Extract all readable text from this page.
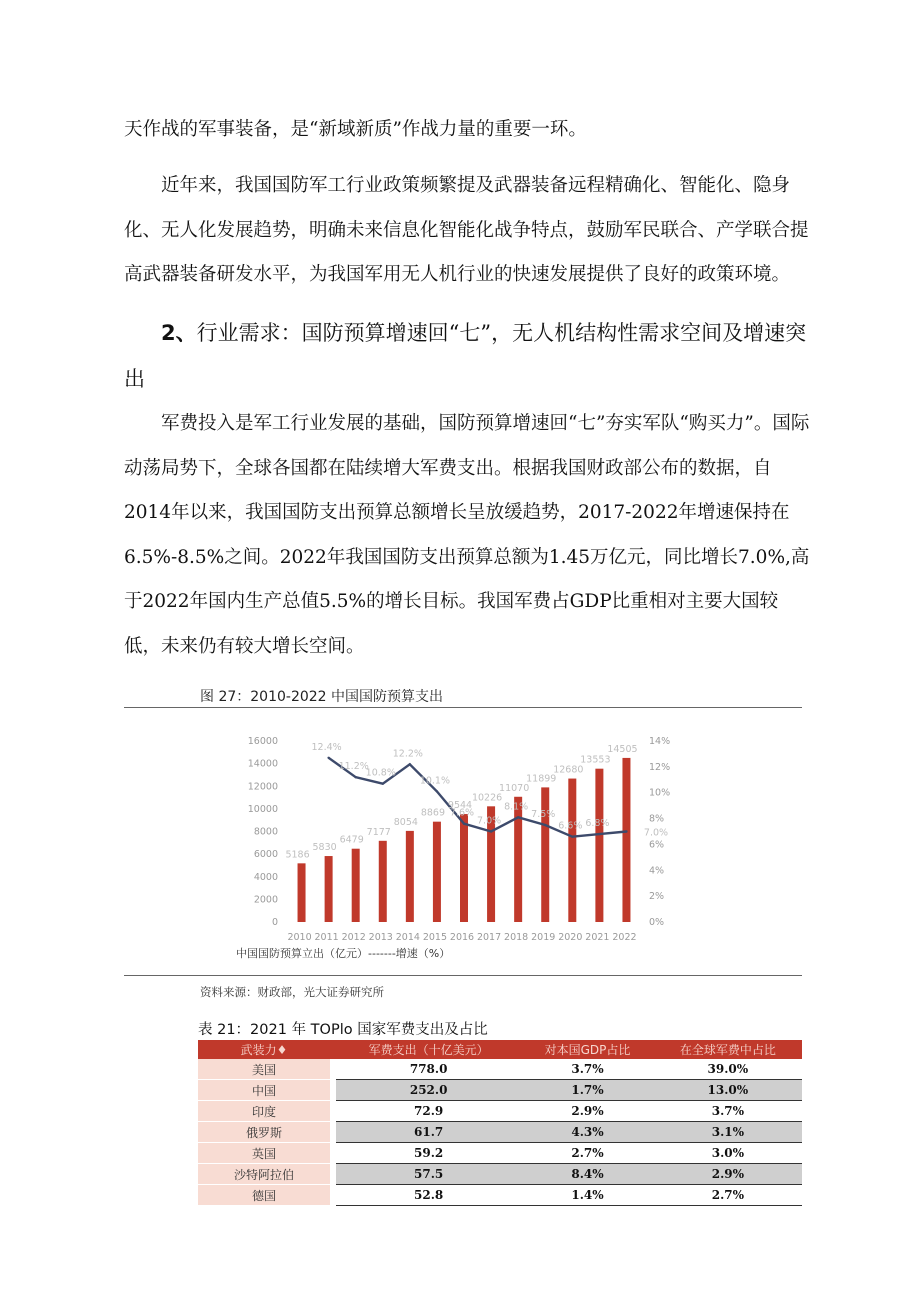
天作战的军事装备，是“新域新质”作战力量的重要一环。

近年来，我国国防军工行业政策频繁提及武器装备远程精确化、智能化、隐身化、无人化发展趋势，明确未来信息化智能化战争特点，鼓励军民联合、产学联合提高武器装备研发水平，为我国军用无人机行业的快速发展提供了良好的政策环境。

2、行业需求：国防预算增速回“七”，无人机结构性需求空间及增速突出

军费投入是军工行业发展的基础，国防预算增速回“七”夯实军队“购买力”。国际动荡局势下，全球各国都在陆续增大军费支出。根据我国财政部公布的数据，自2014年以来，我国国防支出预算总额增长呈放缓趋势，2017-2022年增速保持在6.5%-8.5%之间。2022年我国国防支出预算总额为1.45万亿元，同比增长7.0%,高于2022年国内生产总值5.5%的增长目标。我国军费占GDP比重相对主要大国较低，未来仍有较大增长空间。

图 27：2010-2022 中国国防预算支出
0
2000
4000
6000
8000
10000
12000
14000
16000
0%
2%
4%
6%
8%
10%
12%
14%
5186
5830
6479
7177
8054
8869
9544
10226
11070
11899
12680
13553
14505
12.4%
11.2%
10.8%
12.2%
10.1%
7.6%
7.0%
8.1%
7.5%
6.6% 6.8%
7.0%
2010 2011 2012 2013 2014 2015 2016 2017 2018 2019 2020 2021 2022
中国国防预算立出（亿元）-------增速（%）
资料来源：财政部，光大证券研究所
表 21：2021 年 TOPlo 国家军费支出及占比
武装力♦		军费支出（十亿美元）	对本国GDP占比	在全球军费中占比
美国		778.0	3.7%	39.0%
中国		252.0	1.7%	13.0%
印度		72.9	2.9%	3.7%
俄罗斯		61.7	4.3%	3.1%
英国		59.2	2.7%	3.0%
沙特阿拉伯		57.5	8.4%	2.9%
德国		52.8	1.4%	2.7%
